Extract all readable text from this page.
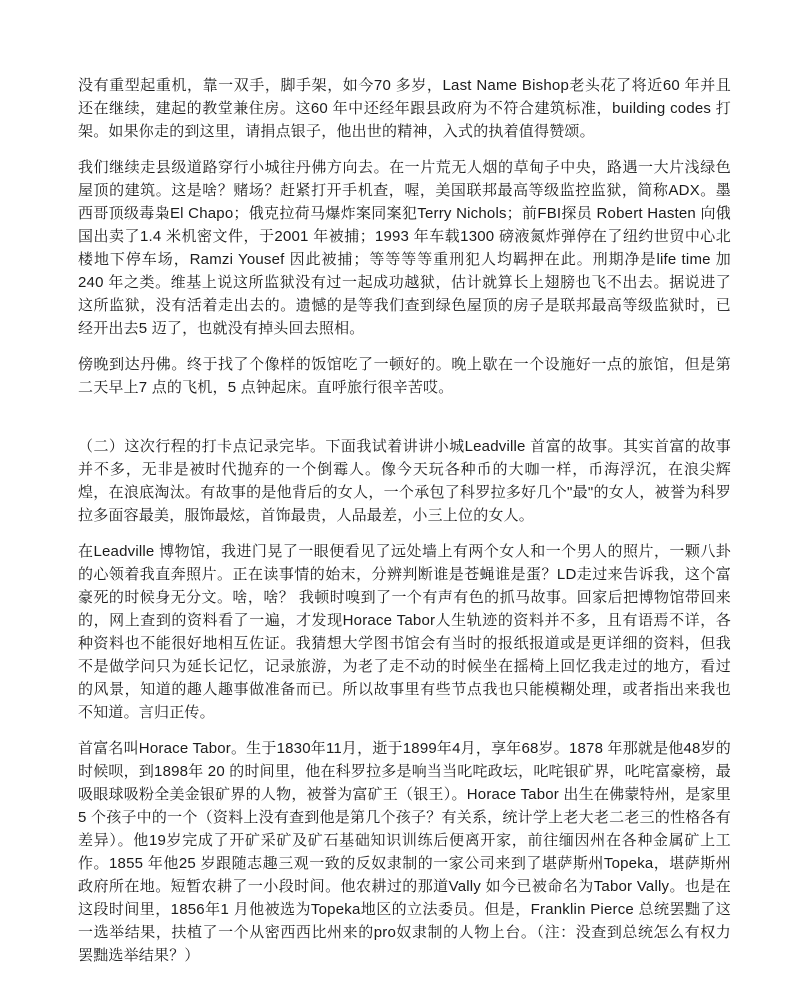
没有重型起重机，靠一双手，脚手架，如今70 多岁，Last Name Bishop老头花了将近60 年并且还在继续，建起的教堂兼住房。这60 年中还经年跟县政府为不符合建筑标准，building codes 打架。如果你走的到这里，请捐点银子，他出世的精神，入式的执着值得赞颂。

我们继续走县级道路穿行小城往丹佛方向去。在一片荒无人烟的草甸子中央，路遇一大片浅绿色屋顶的建筑。这是啥？赌场？赶紧打开手机查，喔，美国联邦最高等级监控监狱，简称ADX。墨西哥顶级毒枭El Chapo；俄克拉荷马爆炸案同案犯Terry Nichols；前FBI探员 Robert Hasten 向俄国出卖了1.4 米机密文件，于2001 年被捕；1993 年车载1300 磅液氮炸弹停在了纽约世贸中心北楼地下停车场，Ramzi Yousef 因此被捕；等等等等重刑犯人均羁押在此。刑期净是life time 加240 年之类。维基上说这所监狱没有过一起成功越狱，估计就算长上翅膀也飞不出去。据说进了这所监狱，没有活着走出去的。遗憾的是等我们查到绿色屋顶的房子是联邦最高等级监狱时，已经开出去5 迈了，也就没有掉头回去照相。

傍晚到达丹佛。终于找了个像样的饭馆吃了一顿好的。晚上歇在一个设施好一点的旅馆，但是第二天早上7 点的飞机，5 点钟起床。直呼旅行很辛苦哎。

（二）这次行程的打卡点记录完毕。下面我试着讲讲小城Leadville 首富的故事。其实首富的故事并不多，无非是被时代抛弃的一个倒霉人。像今天玩各种币的大咖一样，币海浮沉，在浪尖辉煌，在浪底淘汰。有故事的是他背后的女人，一个承包了科罗拉多好几个"最"的女人，被誉为科罗拉多面容最美，服饰最炫，首饰最贵，人品最差，小三上位的女人。

在Leadville 博物馆，我进门晃了一眼便看见了远处墙上有两个女人和一个男人的照片，一颗八卦的心领着我直奔照片。正在读事情的始末，分辨判断谁是苍蝇谁是蛋？LD走过来告诉我，这个富豪死的时候身无分文。啥，啥？ 我顿时嗅到了一个有声有色的抓马故事。回家后把博物馆带回来的，网上查到的资料看了一遍，才发现Horace Tabor人生轨迹的资料并不多，且有语焉不详，各种资料也不能很好地相互佐证。我猜想大学图书馆会有当时的报纸报道或是更详细的资料，但我不是做学问只为延长记忆，记录旅游，为老了走不动的时候坐在摇椅上回忆我走过的地方，看过的风景，知道的趣人趣事做准备而已。所以故事里有些节点我也只能模糊处理，或者指出来我也不知道。言归正传。

首富名叫Horace Tabor。生于1830年11月，逝于1899年4月，享年68岁。1878 年那就是他48岁的时候呗，到1898年 20 的时间里，他在科罗拉多是响当当叱咤政坛，叱咤银矿界，叱咤富豪榜，最吸眼球吸粉全美金银矿界的人物，被誉为富矿王（银王）。Horace Tabor 出生在佛蒙特州，是家里5 个孩子中的一个（资料上没有查到他是第几个孩子？有关系，统计学上老大老二老三的性格各有差异）。他19岁完成了开矿采矿及矿石基础知识训练后便离开家，前往缅因州在各种金属矿上工作。1855 年他25 岁跟随志趣三观一致的反奴隶制的一家公司来到了堪萨斯州Topeka，堪萨斯州政府所在地。短暂农耕了一小段时间。他农耕过的那道Vally 如今已被命名为Tabor Vally。也是在这段时间里，1856年1 月他被选为Topeka地区的立法委员。但是，Franklin Pierce 总统罢黜了这一选举结果，扶植了一个从密西西比州来的pro奴隶制的人物上台。（注：没查到总统怎么有权力罢黜选举结果？）
